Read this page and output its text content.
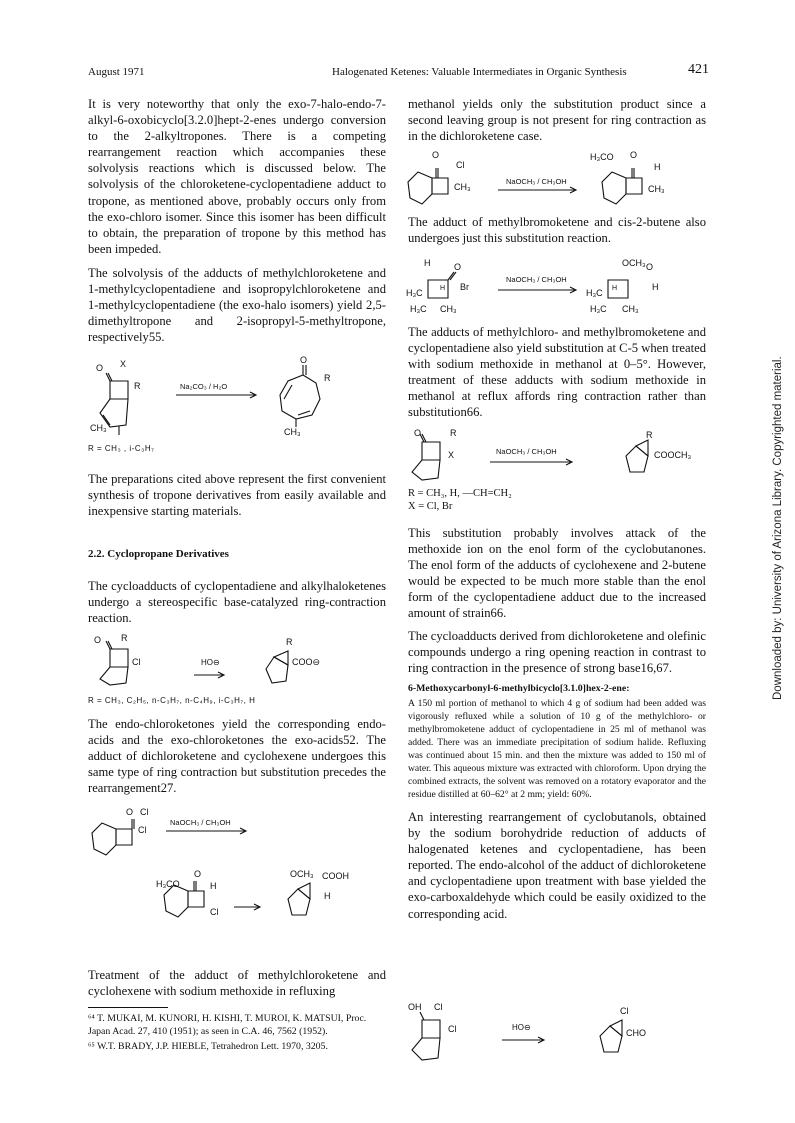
August 1971	Halogenated Ketenes: Valuable Intermediates in Organic Synthesis	421
Downloaded by: University of Arizona Library. Copyrighted material.

It is very noteworthy that only the exo-7-halo-endo-7-alkyl-6-oxobicyclo[3.2.0]hept-2-enes undergo conversion to the 2-alkyltropones. There is a competing rearrangement reaction which accompanies these solvolysis reactions which is discussed below. The solvolysis of the chloroketene-cyclopentadiene adduct to tropone, as mentioned above, probably occurs only from the exo-chloro isomer. Since this isomer has been difficult to obtain, the preparation of tropone by this method has been impeded.

The solvolysis of the adducts of methylchloroketene and 1-methylcyclopentadiene and isopropylchloroketene and 1-methylcyclopentadiene (the exo-halo isomers) yield 2,5-dimethyltropone and 2-isopropyl-5-methyltropone, respectively55.

O X
R
CH₃
Na₂CO₃ / H₂O
O
R
CH₃
R = CH₃ , i-C₃H₇

The preparations cited above represent the first convenient synthesis of tropone derivatives from easily available and inexpensive starting materials.

2.2. Cyclopropane Derivatives

The cycloadducts of cyclopentadiene and alkylhaloketenes undergo a stereospecific base-catalyzed ring-contraction reaction.

O R
Cl	HO⊖
R
COO⊖
R = CH₃, C₂H₅, n-C₃H₇, n-C₄H₉, i-C₃H₇, H

The endo-chloroketones yield the corresponding endo-acids and the exo-chloroketones the exo-acids52. The adduct of dichloroketene and cyclohexene undergoes this same type of ring contraction but substitution precedes the rearrangement27.

O Cl
Cl
NaOCH₃ / CH₃OH
H₃CO
O
H
Cl
OCH₃ COOH
H

Treatment of the adduct of methylchloroketene and cyclohexene with sodium methoxide in refluxing

⁶⁴ T. MUKAI, M. KUNORI, H. KISHI, T. MUROI, K. MATSUI, Proc. Japan Acad. 27, 410 (1951); as seen in C.A. 46, 7562 (1952).

⁶⁵ W.T. BRADY, J.P. HIEBLE, Tetrahedron Lett. 1970, 3205.

methanol yields only the substitution product since a second leaving group is not present for ring contraction as in the dichloroketene case.

O
Cl
CH₃
NaOCH₃ / CH₃OH
H₃CO O
H
CH₃

The adduct of methylbromoketene and cis-2-butene also undergoes just this substitution reaction.

H	O
Br
H₃C
H₃C CH₃
H
NaOCH₃ / CH₃OH
OCH₃ O
H
H₃C
H₃C CH₃
H

The adducts of methylchloro- and methylbromoketene and cyclopentadiene also yield substitution at C-5 when treated with sodium methoxide in methanol at 0–5°. However, treatment of these adducts with sodium methoxide in methanol at reflux affords ring contraction rather than substitution66.

O	R
X	NaOCH₃ / CH₃OH
R
COOCH₃
R = CH₃, H, —CH=CH₂
X = Cl, Br

This substitution probably involves attack of the methoxide ion on the enol form of the cyclobutanones. The enol form of the adducts of cyclohexene and 2-butene would be expected to be much more stable than the enol form of the cyclopentadiene adduct due to the increased amount of strain66.

The cycloadducts derived from dichloroketene and olefinic compounds undergo a ring opening reaction in contrast to ring contraction in the presence of strong base16,67.

6-Methoxycarbonyl-6-methylbicyclo[3.1.0]hex-2-ene:

A 150 ml portion of methanol to which 4 g of sodium had been added was vigorously refluxed while a solution of 10 g of the methylchloro- or methylbromoketene adduct of cyclopentadiene in 25 ml of methanol was added. There was an immediate precipitation of sodium halide. Refluxing was continued about 15 min. and then the mixture was added to 150 ml of water. This aqueous mixture was extracted with chloroform. Upon drying the combined extracts, the solvent was removed on a rotatory evaporator and the residue distilled at 60–62° at 2 mm; yield: 60%.

An interesting rearrangement of cyclobutanols, obtained by the sodium borohydride reduction of adducts of halogenated ketenes and cyclopentadiene, has been reported. The endo-alcohol of the adduct of dichloroketene and cyclopentadiene upon treatment with base yielded the exo-carboxaldehyde which could be easily oxidized to the corresponding acid.

OH Cl
Cl	HO⊖
Cl
CHO
